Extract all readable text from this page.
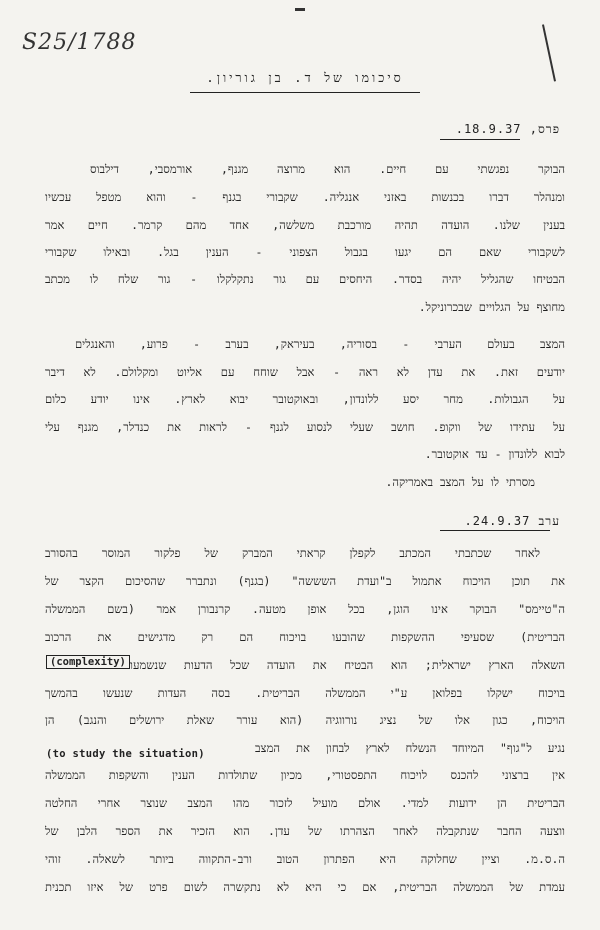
S25/1788
סיכומו של ד. בן גוריון.
פרס, 18.9.37.
הבוקר נפגשתי עם חיים. הוא מרוצה מגנף, אורמסבי, דילבוס
ומנהלר דברו בכנשות באזני אנגליה. שקבורי בגנף - והוא מטפל עכשיו
בענין שלנו. הועדה תהיה מורכבת משלשה, אחד מהם קרמר. חיים אמר
לשקבורי שאם הם יגעו בגבול הצפוני - הענין בגל. ובאילו שקבורי
הבטיחו שהגליל יהיה בסדר. היחסים עם גור נתקלקלו - גור שלח לו מכתב
מחוצף על הגלויים שבכרוניקל.
המצב בעולם הערבי - בסוריה, בעיראק, בערב - פרוע, והאנגלים
יודעים זאת. את עדן לא ראה - אבל שוחח עם אליוט ומקלולם. לא דיבר
על הגבולות. מחר יסע ללונדון, ובאוקטובר יבוא לארץ. אינו יודע כלום
על עתידו של ווקופ. חושב שעלי לנסוע לגנף - לראות את כנדלר, מגנף עלי
לבוא ללונדון - עד אוקטובר.
מסרתי לו על המצב באמריקה.
ערב 24.9.37.
לאחר שכתבתי המכתב לקפלן קראתי המברק של פלקור המוסר בהסורב
את תוכן הויכוח אתמול ב"ועדת השששה" (בגנף) ונתברר שהסיכום הקצר של
ה"טיימס" הבוקר אינו הוגן, בכל אופן מטעה. קרנבורן אמר (בשם הממשלה
הבריטית) שסעיפי ההשקפות שהובעו בויכוח הם רק מדגישים את הרכוב
השאלה הארץ ישראלית; הוא הבטיח את הועדה שכל הדעות שנשמעו
(complexity)
בויכוח ישקלו בפלואן ע"י הממשלה הבריטית. בסה העדות שנעשו בהמשך
הויכוח, כגון אלו של נציג נורווגיה (הוא עורר שאלת ירושלים והנגב) הן
נגיע ל"גוף" המיוחד הנשלח לארץ לבחון את המצב
(to study the situation)
אין ברצוני להכנס לויכוח התפסטורי, מכיון שתולדות הענין והשקפות הממשלה
הבריטית הן ידועות למדי. אולם מועיל לזכור מהו המצב שנוצר אחרי החלטה
ווצעה החבר שנתקבלה לאחר הצהרתו של עדן. הוא הזכיר את הספר הלבן של
ה.ס.מ. וציין שחלוקה היא הפתרון הטוב ורב-התקווה ביותר לשאלה. זוהי
עמדת של הממשלה הבריטית, אם כי היא לא נתקשרה לשום פרט של איזו תכנית
